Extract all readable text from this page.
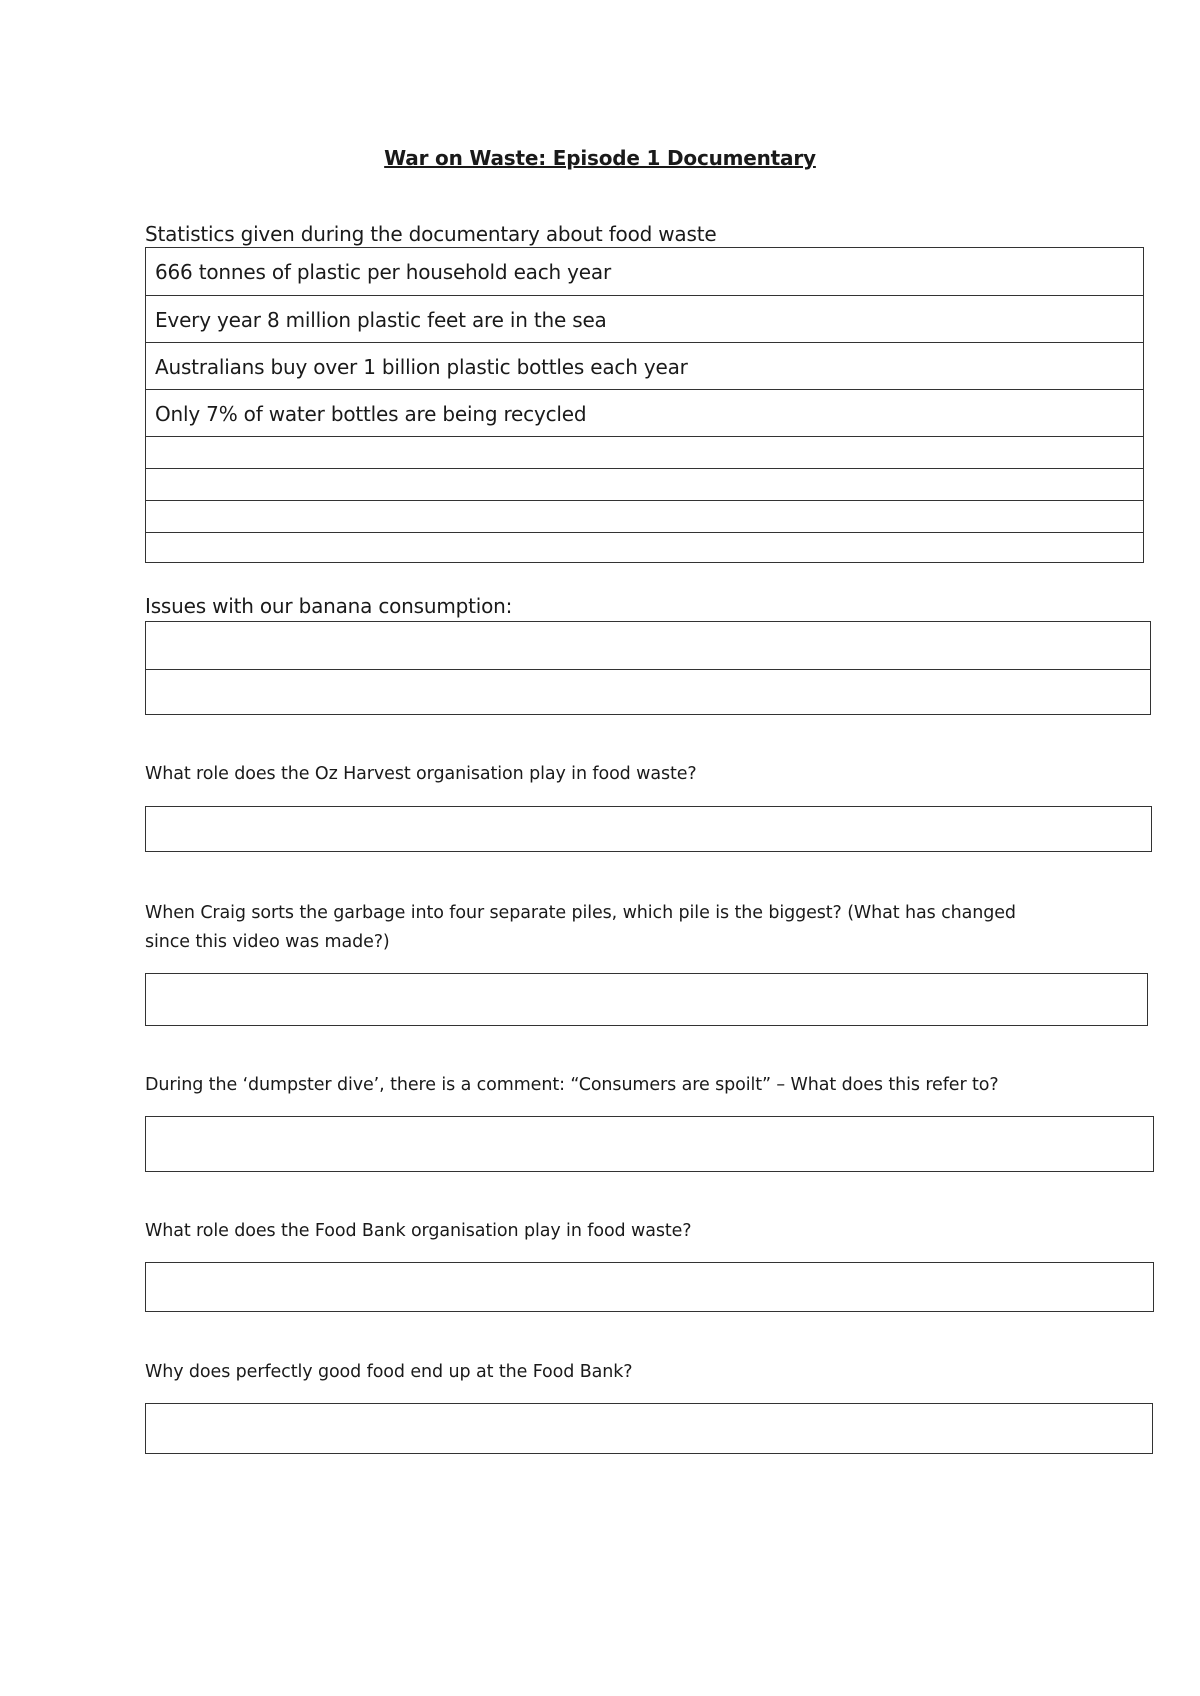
War on Waste: Episode 1 Documentary
Statistics given during the documentary about food waste
666 tonnes of plastic per household each year
Every year 8 million plastic feet are in the sea
Australians buy over 1 billion plastic bottles each year
Only 7% of water bottles are being recycled
Issues with our banana consumption:
What role does the Oz Harvest organisation play in food waste?
When Craig sorts the garbage into four separate piles, which pile is the biggest? (What has changed
since this video was made?)
During the ‘dumpster dive’, there is a comment: “Consumers are spoilt” – What does this refer to?
What role does the Food Bank organisation play in food waste?
Why does perfectly good food end up at the Food Bank?
